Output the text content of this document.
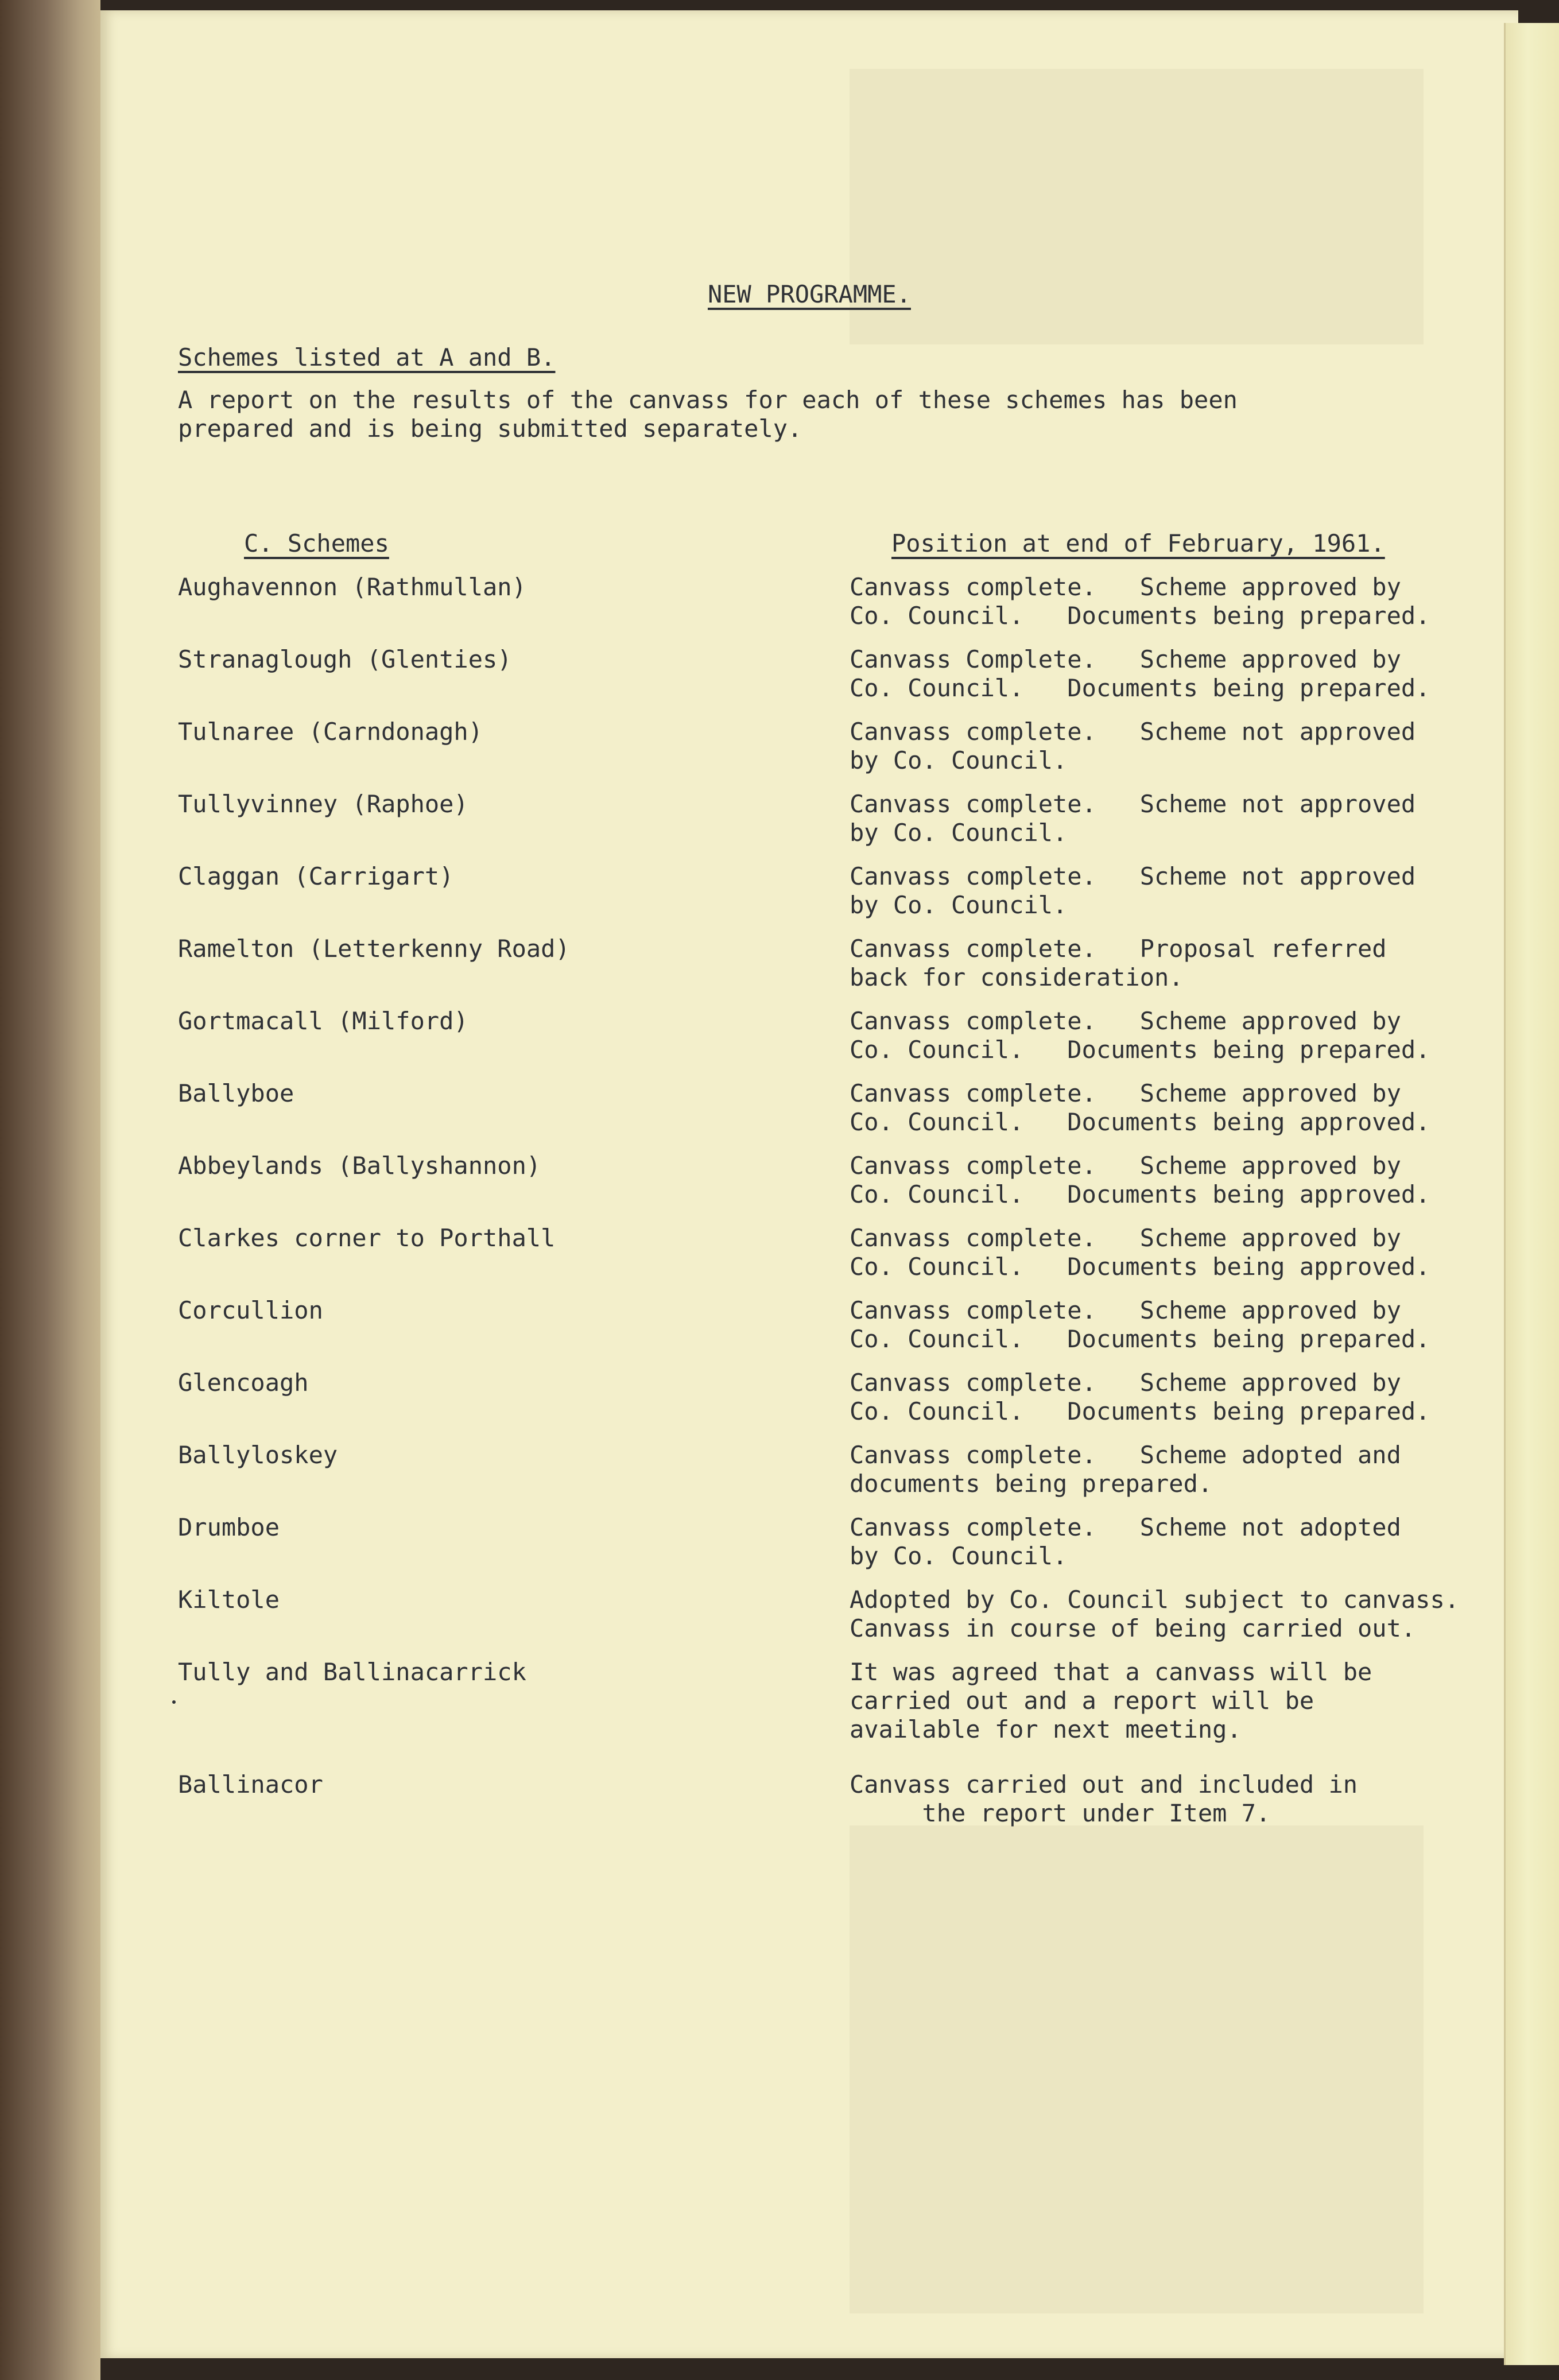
NEW PROGRAMME.
Schemes listed at A and B.
A report on the results of the canvass for each of these schemes has been
prepared and is being submitted separately.
C. Schemes	Position at end of February, 1961.
Aughavennon (Rathmullan)	Canvass complete.   Scheme approved by
Co. Council.   Documents being prepared.
Stranaglough (Glenties)	Canvass Complete.   Scheme approved by
Co. Council.   Documents being prepared.
Tulnaree (Carndonagh)	Canvass complete.   Scheme not approved
by Co. Council.
Tullyvinney (Raphoe)	Canvass complete.   Scheme not approved
by Co. Council.
Claggan (Carrigart)	Canvass complete.   Scheme not approved
by Co. Council.
Ramelton (Letterkenny Road)	Canvass complete.   Proposal referred
back for consideration.
Gortmacall (Milford)	Canvass complete.   Scheme approved by
Co. Council.   Documents being prepared.
Ballyboe	Canvass complete.   Scheme approved by
Co. Council.   Documents being approved.
Abbeylands (Ballyshannon)	Canvass complete.   Scheme approved by
Co. Council.   Documents being approved.
Clarkes corner to Porthall	Canvass complete.   Scheme approved by
Co. Council.   Documents being approved.
Corcullion	Canvass complete.   Scheme approved by
Co. Council.   Documents being prepared.
Glencoagh	Canvass complete.   Scheme approved by
Co. Council.   Documents being prepared.
Ballyloskey	Canvass complete.   Scheme adopted and
documents being prepared.
Drumboe	Canvass complete.   Scheme not adopted
by Co. Council.
Kiltole	Adopted by Co. Council subject to canvass.
Canvass in course of being carried out.
Tully and Ballinacarrick	It was agreed that a canvass will be
carried out and a report will be
available for next meeting.
Ballinacor	Canvass carried out and included in
the report under Item 7.
